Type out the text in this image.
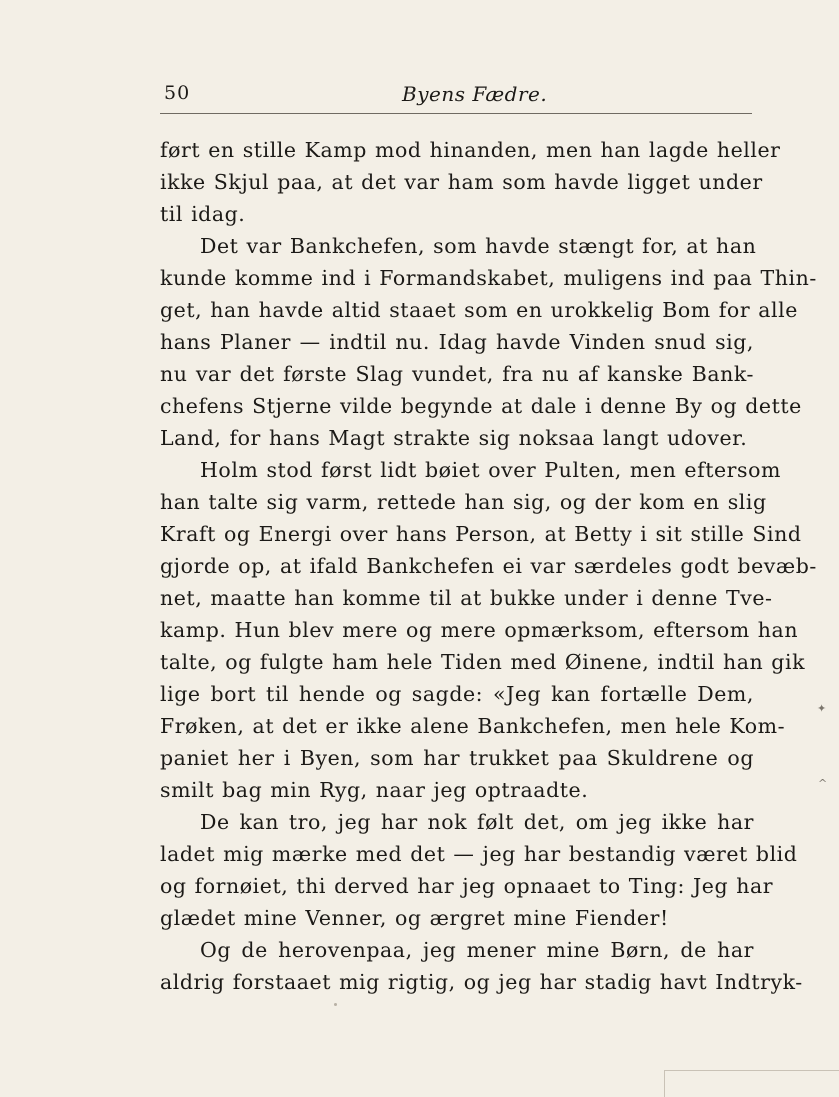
50	Byens Fædre.
ført en stille Kamp mod hinanden, men han lagde heller
ikke Skjul paa, at det var ham som havde ligget under
til idag.
Det var Bankchefen, som havde stængt for, at han
kunde komme ind i Formandskabet, muligens ind paa Thin-
get, han havde altid staaet som en urokkelig Bom for alle
hans Planer — indtil nu. Idag havde Vinden snud sig,
nu var det første Slag vundet, fra nu af kanske Bank-
chefens Stjerne vilde begynde at dale i denne By og dette
Land, for hans Magt strakte sig noksaa langt udover.
Holm stod først lidt bøiet over Pulten, men eftersom
han talte sig varm, rettede han sig, og der kom en slig
Kraft og Energi over hans Person, at Betty i sit stille Sind
gjorde op, at ifald Bankchefen ei var særdeles godt bevæb-
net, maatte han komme til at bukke under i denne Tve-
kamp. Hun blev mere og mere opmærksom, eftersom han
talte, og fulgte ham hele Tiden med Øinene, indtil han gik
lige bort til hende og sagde: «Jeg kan fortælle Dem,
Frøken, at det er ikke alene Bankchefen, men hele Kom-
paniet her i Byen, som har trukket paa Skuldrene og
smilt bag min Ryg, naar jeg optraadte.
De kan tro, jeg har nok følt det, om jeg ikke har
ladet mig mærke med det — jeg har bestandig været blid
og fornøiet, thi derved har jeg opnaaet to Ting: Jeg har
glædet mine Venner, og ærgret mine Fiender!
Og de herovenpaa, jeg mener mine Børn, de har
aldrig forstaaet mig rigtig, og jeg har stadig havt Indtryk-
✦
^
